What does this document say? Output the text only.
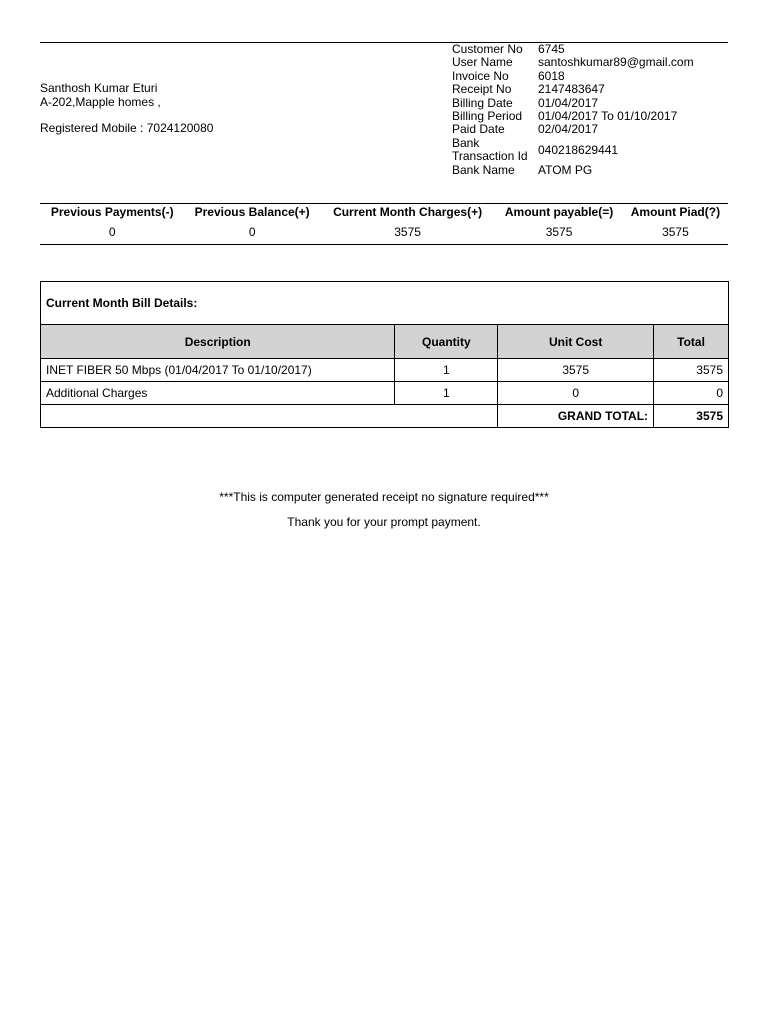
Santhosh Kumar Eturi
A-202,Mapple homes ,
Registered Mobile : 7024120080
Customer No	6745
User Name	santoshkumar89@gmail.com
Invoice No	6018
Receipt No	2147483647
Billing Date	01/04/2017
Billing Period	01/04/2017 To 01/10/2017
Paid Date	02/04/2017
Bank Transaction Id	040218629441
Bank Name	ATOM PG
Previous Payments(-)	Previous Balance(+)	Current Month Charges(+)	Amount payable(=)	Amount Piad(?)
0	0	3575	3575	3575
Current Month Bill Details:			
Description	Quantity	Unit Cost	Total
INET FIBER 50 Mbps (01/04/2017 To 01/10/2017)	1	3575	3575
Additional Charges	1	0	0
		GRAND TOTAL:	3575
***This is computer generated receipt no signature required***
Thank you for your prompt payment.
